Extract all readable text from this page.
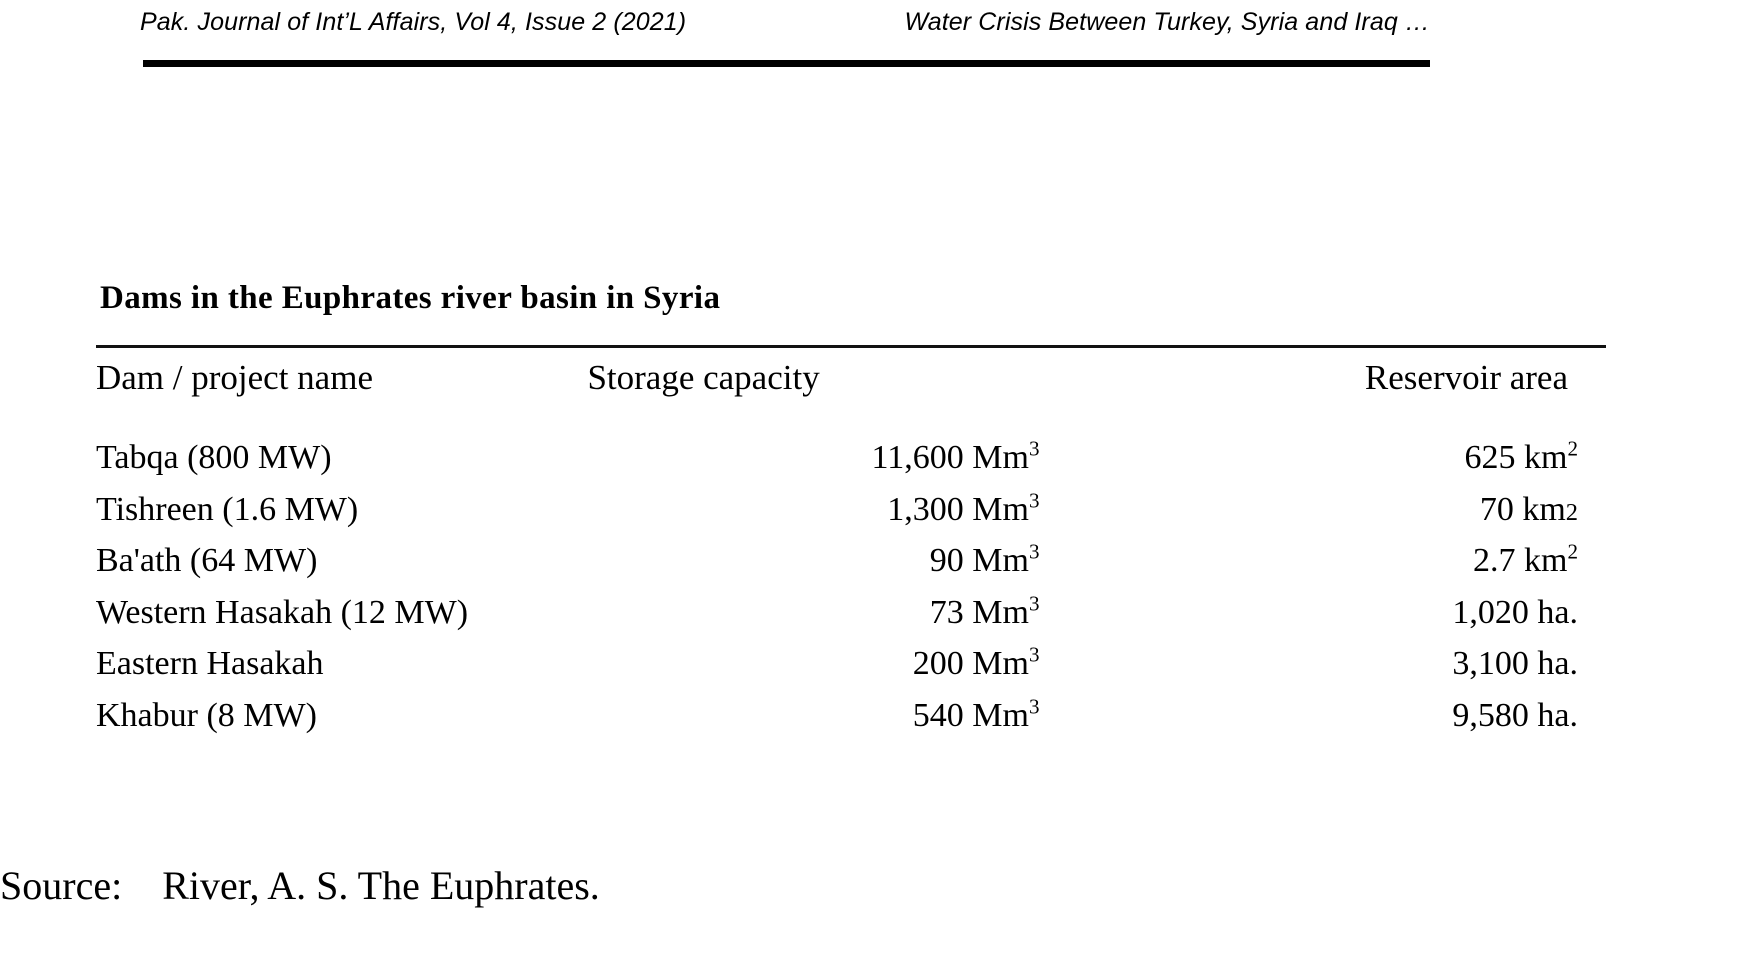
Pak. Journal of Int’L Affairs, Vol 4, Issue 2 (2021)	Water Crisis Between Turkey, Syria and Iraq …
Dams in the Euphrates river basin in Syria
Dam / project name	Storage capacity	Reservoir area
Tabqa (800 MW)	11,600 Mm$^3$	625 $km^2$
Tishreen (1.6 MW)	1,300 Mm$^3$	70 km2
Ba'ath (64 MW)	90 Mm$^3$	2.7 $km^2$
Western Hasakah (12 MW)	73 Mm$^3$	1,020 ha.
Eastern Hasakah	200 Mm$^3$	3,100 ha.
Khabur (8 MW)	540 Mm$^3$	9,580 ha.
Source: River, A. S. The Euphrates.
